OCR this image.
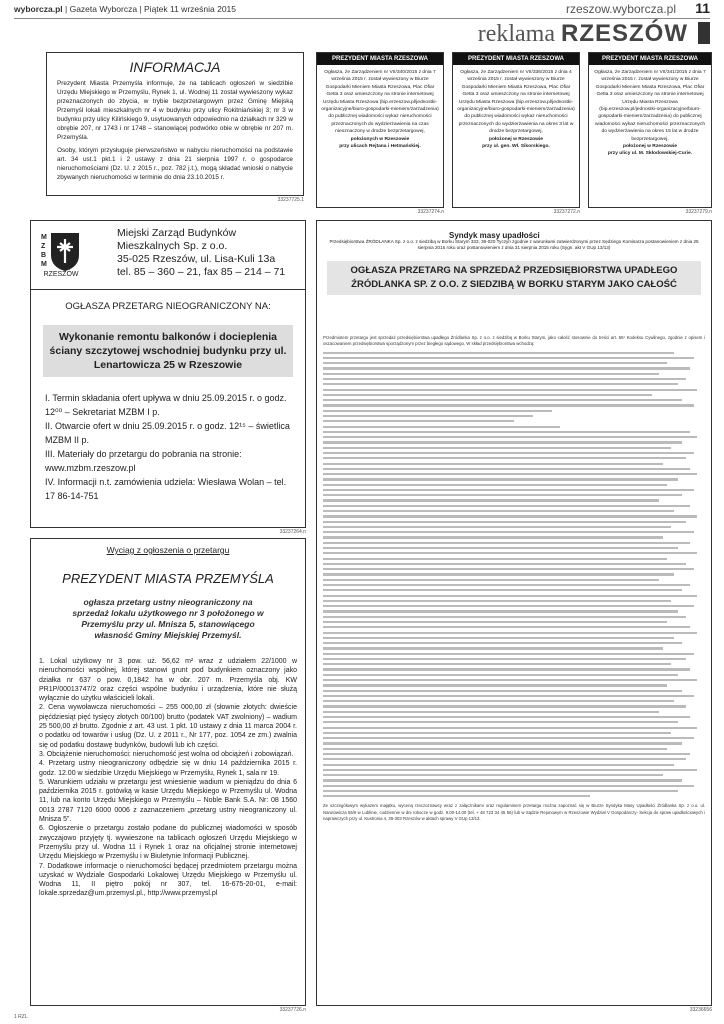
wyborcza.pl | Gazeta Wyborcza | Piątek 11 września 2015	rzeszow.wyborcza.pl 11
reklama RZESZÓW
INFORMACJA

Prezydent Miasta Przemyśla informuje, że na tablicach ogłoszeń w siedzibie Urzędu Miejskiego w Przemyślu, Rynek 1, ul. Wodnej 11 został wywieszony wykaz przeznaczonych do zbycia, w trybie bezprzetargowym przez Gminę Miejską Przemyśl lokali mieszkalnych nr 4 w budynku przy ulicy Rokitniańskiej 3; nr 3 w budynku przy ulicy Kilińskiego 9, usytuowanych odpowiednio na działkach nr 329 w obrębie 207, nr 1743 i nr 1748 – stanowiącej podwórko obie w obrębie nr 207 m. Przemyśla.

Osoby, którym przysługuje pierwszeństwo w nabyciu nieruchomości na podstawie art. 34 ust.1 pkt.1 i 2 ustawy z dnia 21 sierpnia 1997 r. o gospodarce nieruchomościami (Dz. U. z 2015 r., poz. 782 j.t.), mogą składać wnioski o nabycie zbywanych nieruchomości w terminie do dnia 23.10.2015 r.

33237725.1
PREZYDENT MIASTA RZESZOWA
Ogłasza, że Zarządzeniem nr VII/340/2015 z dnia 7 września 2015 r. został wywieszony w Biurze Gospodarki Mieniem Miasta Rzeszowa, Plac Ofiar Getta 3 oraz umieszczony na stronie internetowej Urzędu Miasta Rzeszowa (bip.erzeszow.pl/jednostki-organizacyjne/biuro-gospodarki-mieniem/zarzadzenia) do publicznej wiadomości wykaz nieruchomości przeznaczonych do wydzierżawienia na czas nieoznaczony w drodze bezprzetargowej,
położonych w Rzeszowie
przy ulicach Rejtana i Hetmańskiej.
33237274.n
PREZYDENT MIASTA RZESZOWA
Ogłasza, że Zarządzeniem nr VII/336/2015 z dnia 4 września 2015 r. został wywieszony w Biurze Gospodarki Mieniem Miasta Rzeszowa, Plac Ofiar Getta 3 oraz umieszczony na stronie internetowej Urzędu Miasta Rzeszowa (bip.erzeszow.pl/jednostki-organizacyjne/biuro-gospodarki-mieniem/zarzadzenia) do publicznej wiadomości wykaz nieruchomości przeznaczonych do wydzierżawienia na okres 3 lat w drodze bezprzetargowej,
położonej w Rzeszowie
przy ul. gen. Wł. Sikorskiego.
33237272.n
PREZYDENT MIASTA RZESZOWA
Ogłasza, że Zarządzeniem nr VII/341/2015 z dnia 7 września 2015 r. został wywieszony w Biurze Gospodarki Mieniem Miasta Rzeszowa, Plac Ofiar Getta 3 oraz umieszczony na stronie internetowej Urzędu Miasta Rzeszowa (bip.erzeszow.pl/jednostki-organizacyjne/biuro-gospodarki-mieniem/zarzadzenia) do publicznej wiadomości wykaz nieruchomości przeznaczonych do wydzierżawienia na okres 15 lat w drodze bezprzetargowej,
położonej w Rzeszowie
przy ulicy ul. M. Skłodowskiej-Curie.
33237279.n
M
Z
B
M
RZESZÓW
Miejski Zarząd Budynków
Mieszkalnych Sp. z o.o.
35-025 Rzeszów, ul. Lisa-Kuli 13a
tel. 85 – 360 – 21, fax 85 – 214 – 71
OGŁASZA PRZETARG NIEOGRANICZONY NA:
Wykonanie remontu balkonów i docieplenia ściany szczytowej wschodniej budynku przy ul. Lenartowicza 25 w Rzeszowie
I. Termin składania ofert upływa w dniu 25.09.2015 r. o godz. 12⁰⁰ – Sekretariat MZBM I p.
II. Otwarcie ofert w dniu 25.09.2015 r. o godz. 12¹⁵ – świetlica MZBM II p.
III. Materiały do przetargu do pobrania na stronie: www.mzbm.rzeszow.pl
IV. Informacji n.t. zamówienia udziela: Wiesława Wolan – tel. 17 86-14-751
33237264.n
Wyciąg z ogłoszenia o przetargu
PREZYDENT MIASTA PRZEMYŚLA
ogłasza przetarg ustny nieograniczony na sprzedaż lokalu użytkowego nr 3 położonego w Przemyślu przy ul. Mnisza 5, stanowiącego własność Gminy Miejskiej Przemyśl.
1. Lokal użytkowy nr 3 pow. uż. 56,62 m² wraz z udziałem 22/1000 w nieruchomości wspólnej, której stanowi grunt pod budynkiem oznaczony jako działka nr 637 o pow. 0,1842 ha w obr. 207 m. Przemyśla obj. KW PR1P/00013747/2 oraz części wspólne budynku i urządzenia, które nie służą wyłącznie do użytku właścicieli lokali.
2. Cena wywoławcza nieruchomości – 255 000,00 zł (słownie złotych: dwieście pięćdziesiąt pięć tysięcy złotych 00/100) brutto (podatek VAT zwolniony) – wadium 25 500,00 zł brutto. Zgodnie z art. 43 ust. 1 pkt. 10 ustawy z dnia 11 marca 2004 r. o podatku od towarów i usług (Dz. U. z 2011 r., Nr 177, poz. 1054 ze zm.) zwalnia się od podatku dostawę budynków, budowli lub ich części.
3. Obciążenie nieruchomości: nieruchomość jest wolna od obciążeń i zobowiązań.
4. Przetarg ustny nieograniczony odbędzie się w dniu 14 października 2015 r. godz. 12.00 w siedzibie Urzędu Miejskiego w Przemyślu, Rynek 1, sala nr 19.
5. Warunkiem udziału w przetargu jest wniesienie wadium w pieniądzu do dnia 6 października 2015 r. gotówką w kasie Urzędu Miejskiego w Przemyślu ul. Wodna 11, lub na konto Urzędu Miejskiego w Przemyślu – Noble Bank S.A. Nr: 08 1560 0013 2787 7120 6000 0006 z zaznaczeniem „przetarg ustny nieograniczony ul. Mnisza 5”.
6. Ogłoszenie o przetargu zostało podane do publicznej wiadomości w sposób zwyczajowo przyjęty tj. wywieszone na tablicach ogłoszeń Urzędu Miejskiego w Przemyślu przy ul. Wodna 11 i Rynek 1 oraz na oficjalnej stronie internetowej Urzędu Miejskiego w Przemyślu i w Biuletynie Informacji Publicznej.
7. Dodatkowe informacje o nieruchomości będącej przedmiotem przetargu można uzyskać w Wydziale Gospodarki Lokalowej Urzędu Miejskiego w Przemyślu ul. Wodna 11, II piętro pokój nr 307, tel. 16-675-20-01, e-mail: lokale.sprzedaz@um.przemysl.pl., http://www.przemysl.pl
33237726.n
Syndyk masy upadłości
Przedsiębiorstwa ŹRÓDLANKA Sp. z o.o. z siedzibą w Borku Starym 333, 36-020 Tyczyn zgodnie z warunkami zatwierdzonymi przez Sędziego Komisarza postanowieniem z dnia 25 sierpnia 2015 roku oraz postanowieniem z dnia 31 sierpnia 2015 roku (Sygn. akt V GUp 13/13)
OGŁASZA PRZETARG NA SPRZEDAŻ PRZEDSIĘBIORSTWA UPADŁEGO ŹRÓDLANKA SP. Z O.O. Z SIEDZIBĄ W BORKU STARYM JAKO CAŁOŚĆ
Przedmiotem przetargu jest sprzedaż przedsiębiorstwa upadłego Źródlanka Sp. z o.o. z siedzibą w Borku Starym, jako całość stosownie do treści art. 55¹ Kodeksu Cywilnego, zgodnie z opisem i oszacowaniem przedsiębiorstwa sporządzonym przez biegłego sądowego. W skład przedsiębiorstwa wchodzą:
Ze szczegółowym wykazem majątku, wyceną rzeczoznawcy wraz z załącznikami oraz regulaminem przetargu można zapoznać się w Biurze Syndyka Masy Upadłości Źródlanka Sp. z o.o. ul. Narutowicza 55/6 w Lublinie, codziennie w dni robocze w godz. 9.00-14.00 (tel. + 48 723 34 45 56) lub w Sądzie Rejonowym w Rzeszowie Wydział V Gospodarczy- Sekcja do spraw upadłościowych i naprawczych przy ul. Kustronia 4, 35-303 Rzeszów w aktach sprawy V GUp 13/13.
33236656
1 RZL
